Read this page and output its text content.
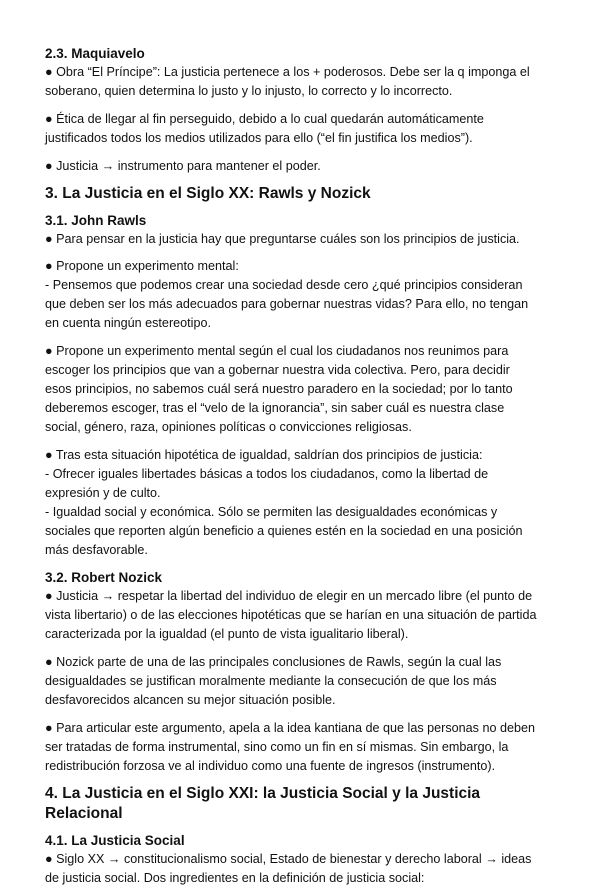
2.3. Maquiavelo

● Obra “El Príncipe”: La justicia pertenece a los + poderosos. Debe ser la q imponga el
soberano, quien determina lo justo y lo injusto, lo correcto y lo incorrecto.

● Ética de llegar al fin perseguido, debido a lo cual quedarán automáticamente
justificados todos los medios utilizados para ello (“el fin justifica los medios”).

● Justicia → instrumento para mantener el poder.

3. La Justicia en el Siglo XX: Rawls y Nozick
3.1. John Rawls

● Para pensar en la justicia hay que preguntarse cuáles son los principios de justicia.

● Propone un experimento mental:
- Pensemos que podemos crear una sociedad desde cero ¿qué principios consideran
que deben ser los más adecuados para gobernar nuestras vidas? Para ello, no tengan
en cuenta ningún estereotipo.

● Propone un experimento mental según el cual los ciudadanos nos reunimos para
escoger los principios que van a gobernar nuestra vida colectiva. Pero, para decidir
esos principios, no sabemos cuál será nuestro paradero en la sociedad; por lo tanto
deberemos escoger, tras el “velo de la ignorancia”, sin saber cuál es nuestra clase
social, género, raza, opiniones políticas o convicciones religiosas.

● Tras esta situación hipotética de igualdad, saldrían dos principios de justicia:
- Ofrecer iguales libertades básicas a todos los ciudadanos, como la libertad de
expresión y de culto.
- Igualdad social y económica. Sólo se permiten las desigualdades económicas y
sociales que reporten algún beneficio a quienes estén en la sociedad en una posición
más desfavorable.

3.2. Robert Nozick

● Justicia → respetar la libertad del individuo de elegir en un mercado libre (el punto de
vista libertario) o de las elecciones hipotéticas que se harían en una situación de partida
caracterizada por la igualdad (el punto de vista igualitario liberal).

● Nozick parte de una de las principales conclusiones de Rawls, según la cual las
desigualdades se justifican moralmente mediante la consecución de que los más
desfavorecidos alcancen su mejor situación posible.

● Para articular este argumento, apela a la idea kantiana de que las personas no deben
ser tratadas de forma instrumental, sino como un fin en sí mismas. Sin embargo, la
redistribución forzosa ve al individuo como una fuente de ingresos (instrumento).

4. La Justicia en el Siglo XXI: la Justicia Social y la Justicia Relacional
4.1. La Justicia Social

● Siglo XX → constitucionalismo social, Estado de bienestar y derecho laboral → ideas
de justicia social. Dos ingredientes en la definición de justicia social:
